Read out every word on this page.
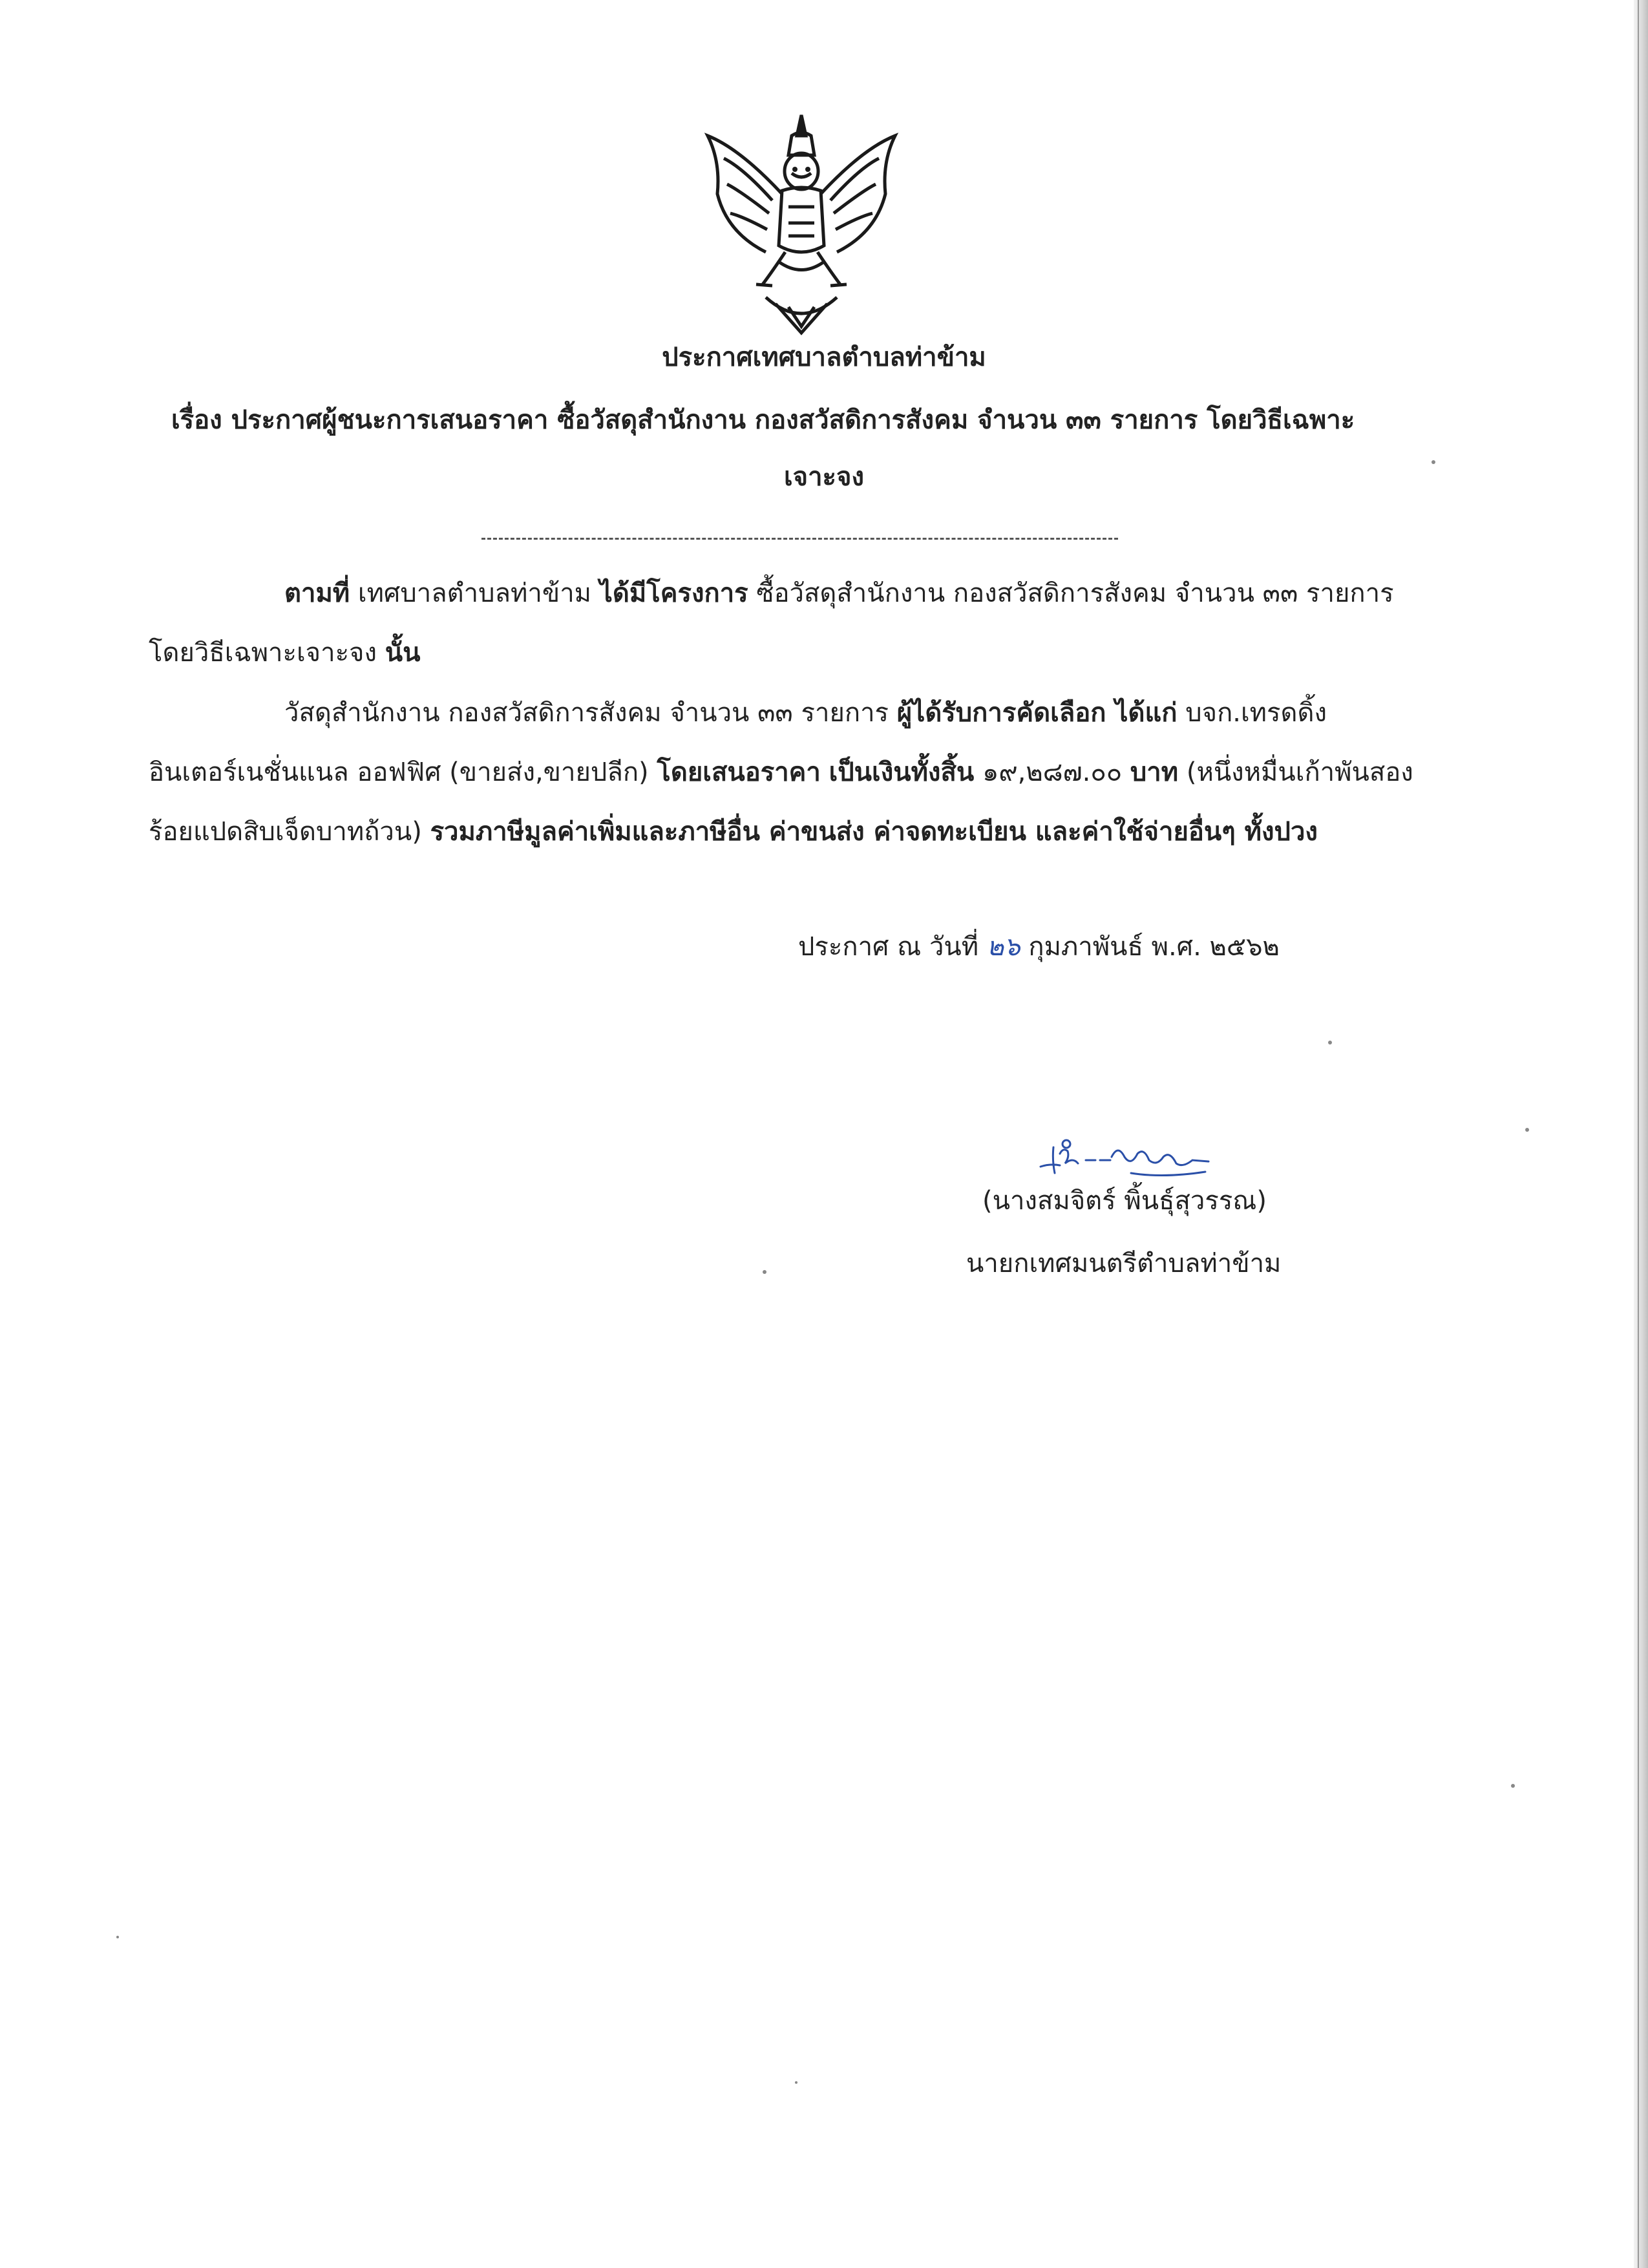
ประกาศเทศบาลตำบลท่าข้าม
เรื่อง ประกาศผู้ชนะการเสนอราคา ซื้อวัสดุสำนักงาน กองสวัสดิการสังคม จำนวน ๓๓ รายการ โดยวิธีเฉพาะ
เจาะจง
ตามที่ เทศบาลตำบลท่าข้าม ได้มีโครงการ ซื้อวัสดุสำนักงาน กองสวัสดิการสังคม จำนวน ๓๓ รายการ
โดยวิธีเฉพาะเจาะจง นั้น
วัสดุสำนักงาน กองสวัสดิการสังคม จำนวน ๓๓ รายการ ผู้ได้รับการคัดเลือก ได้แก่ บจก.เทรดดิ้ง
อินเตอร์เนชั่นแนล ออฟฟิศ (ขายส่ง,ขายปลีก) โดยเสนอราคา เป็นเงินทั้งสิ้น ๑๙,๒๘๗.๐๐ บาท (หนึ่งหมื่นเก้าพันสอง
ร้อยแปดสิบเจ็ดบาทถ้วน) รวมภาษีมูลค่าเพิ่มและภาษีอื่น ค่าขนส่ง ค่าจดทะเบียน และค่าใช้จ่ายอื่นๆ ทั้งปวง
ประกาศ ณ วันที่ ๒๖ กุมภาพันธ์ พ.ศ. ๒๕๖๒
(นางสมจิตร์ พิ้นธุ์สุวรรณ)
นายกเทศมนตรีตำบลท่าข้าม
